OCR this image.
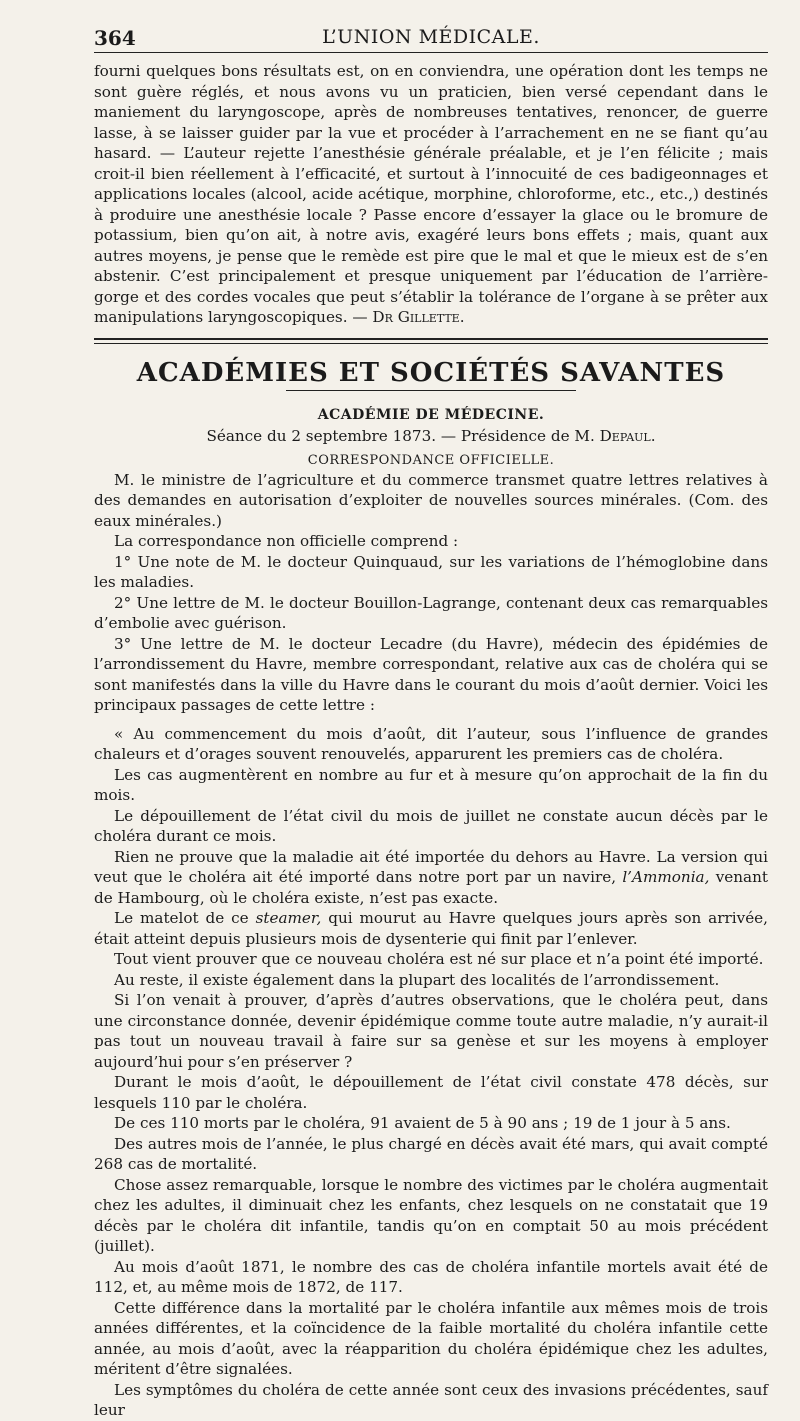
364	L’UNION MÉDICALE.

fourni quelques bons résultats est, on en conviendra, une opération dont les temps ne sont guère réglés, et nous avons vu un praticien, bien versé cependant dans le maniement du laryngoscope, après de nombreuses tentatives, renoncer, de guerre lasse, à se laisser guider par la vue et procéder à l’arrachement en ne se fiant qu’au hasard. — L’auteur rejette l’anesthésie générale préalable, et je l’en félicite ; mais croit-il bien réellement à l’efficacité, et surtout à l’innocuité de ces badigeonnages et applications locales (alcool, acide acétique, morphine, chloroforme, etc., etc.,) destinés à produire une anesthésie locale ? Passe encore d’essayer la glace ou le bromure de potassium, bien qu’on ait, à notre avis, exagéré leurs bons effets ; mais, quant aux autres moyens, je pense que le remède est pire que le mal et que le mieux est de s’en abstenir. C’est principalement et presque uniquement par l’éducation de l’arrière-gorge et des cordes vocales que peut s’établir la tolérance de l’organe à se prêter aux manipulations laryngoscopiques. — Dr Gillette.

ACADÉMIES ET SOCIÉTÉS SAVANTES
ACADÉMIE DE MÉDECINE.
Séance du 2 septembre 1873. — Présidence de M. Depaul.
CORRESPONDANCE OFFICIELLE.

M. le ministre de l’agriculture et du commerce transmet quatre lettres relatives à des demandes en autorisation d’exploiter de nouvelles sources minérales. (Com. des eaux minérales.)

La correspondance non officielle comprend :

1° Une note de M. le docteur Quinquaud, sur les variations de l’hémoglobine dans les maladies.

2° Une lettre de M. le docteur Bouillon-Lagrange, contenant deux cas remarquables d’embolie avec guérison.

3° Une lettre de M. le docteur Lecadre (du Havre), médecin des épidémies de l’arrondissement du Havre, membre correspondant, relative aux cas de choléra qui se sont manifestés dans la ville du Havre dans le courant du mois d’août dernier. Voici les principaux passages de cette lettre :

« Au commencement du mois d’août, dit l’auteur, sous l’influence de grandes chaleurs et d’orages souvent renouvelés, apparurent les premiers cas de choléra.

Les cas augmentèrent en nombre au fur et à mesure qu’on approchait de la fin du mois.

Le dépouillement de l’état civil du mois de juillet ne constate aucun décès par le choléra durant ce mois.

Rien ne prouve que la maladie ait été importée du dehors au Havre. La version qui veut que le choléra ait été importé dans notre port par un navire, l’Ammonia, venant de Hambourg, où le choléra existe, n’est pas exacte.

Le matelot de ce steamer, qui mourut au Havre quelques jours après son arrivée, était atteint depuis plusieurs mois de dysenterie qui finit par l’enlever.

Tout vient prouver que ce nouveau choléra est né sur place et n’a point été importé.

Au reste, il existe également dans la plupart des localités de l’arrondissement.

Si l’on venait à prouver, d’après d’autres observations, que le choléra peut, dans une circonstance donnée, devenir épidémique comme toute autre maladie, n’y aurait-il pas tout un nouveau travail à faire sur sa genèse et sur les moyens à employer aujourd’hui pour s’en préserver ?

Durant le mois d’août, le dépouillement de l’état civil constate 478 décès, sur lesquels 110 par le choléra.

De ces 110 morts par le choléra, 91 avaient de 5 à 90 ans ; 19 de 1 jour à 5 ans.

Des autres mois de l’année, le plus chargé en décès avait été mars, qui avait compté 268 cas de mortalité.

Chose assez remarquable, lorsque le nombre des victimes par le choléra augmentait chez les adultes, il diminuait chez les enfants, chez lesquels on ne constatait que 19 décès par le choléra dit infantile, tandis qu’on en comptait 50 au mois précédent (juillet).

Au mois d’août 1871, le nombre des cas de choléra infantile mortels avait été de 112, et, au même mois de 1872, de 117.

Cette différence dans la mortalité par le choléra infantile aux mêmes mois de trois années différentes, et la coïncidence de la faible mortalité du choléra infantile cette année, au mois d’août, avec la réapparition du choléra épidémique chez les adultes, méritent d’être signalées.

Les symptômes du choléra de cette année sont ceux des invasions précédentes, sauf leur
